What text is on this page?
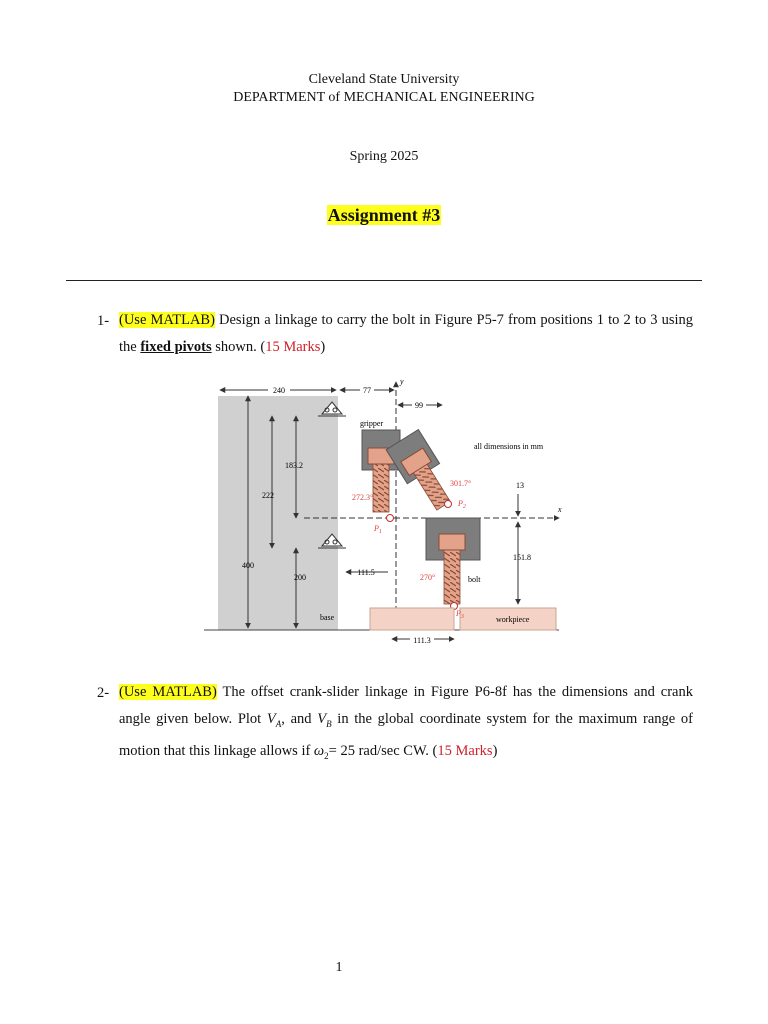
Cleveland State University
DEPARTMENT of MECHANICAL ENGINEERING
Spring 2025
Assignment #3
1- (Use MATLAB) Design a linkage to carry the bolt in Figure P5-7 from positions 1 to 2 to 3 using the fixed pivots shown. (15 Marks)
y
x
240	77
99
183.2
222
400
200
111.5
13
151.8
111.3
gripper
all dimensions in mm
272.3°
301.7°
270°
$P_1$
$P_2$
$P_3$
bolt
base	workpiece
2- (Use MATLAB) The offset crank-slider linkage in Figure P6-8f has the dimensions and crank angle given below. Plot $V_A$, and $V_B$ in the global coordinate system for the maximum range of motion that this linkage allows if $\omega_2= 25$ rad/sec CW. (15 Marks)
1
